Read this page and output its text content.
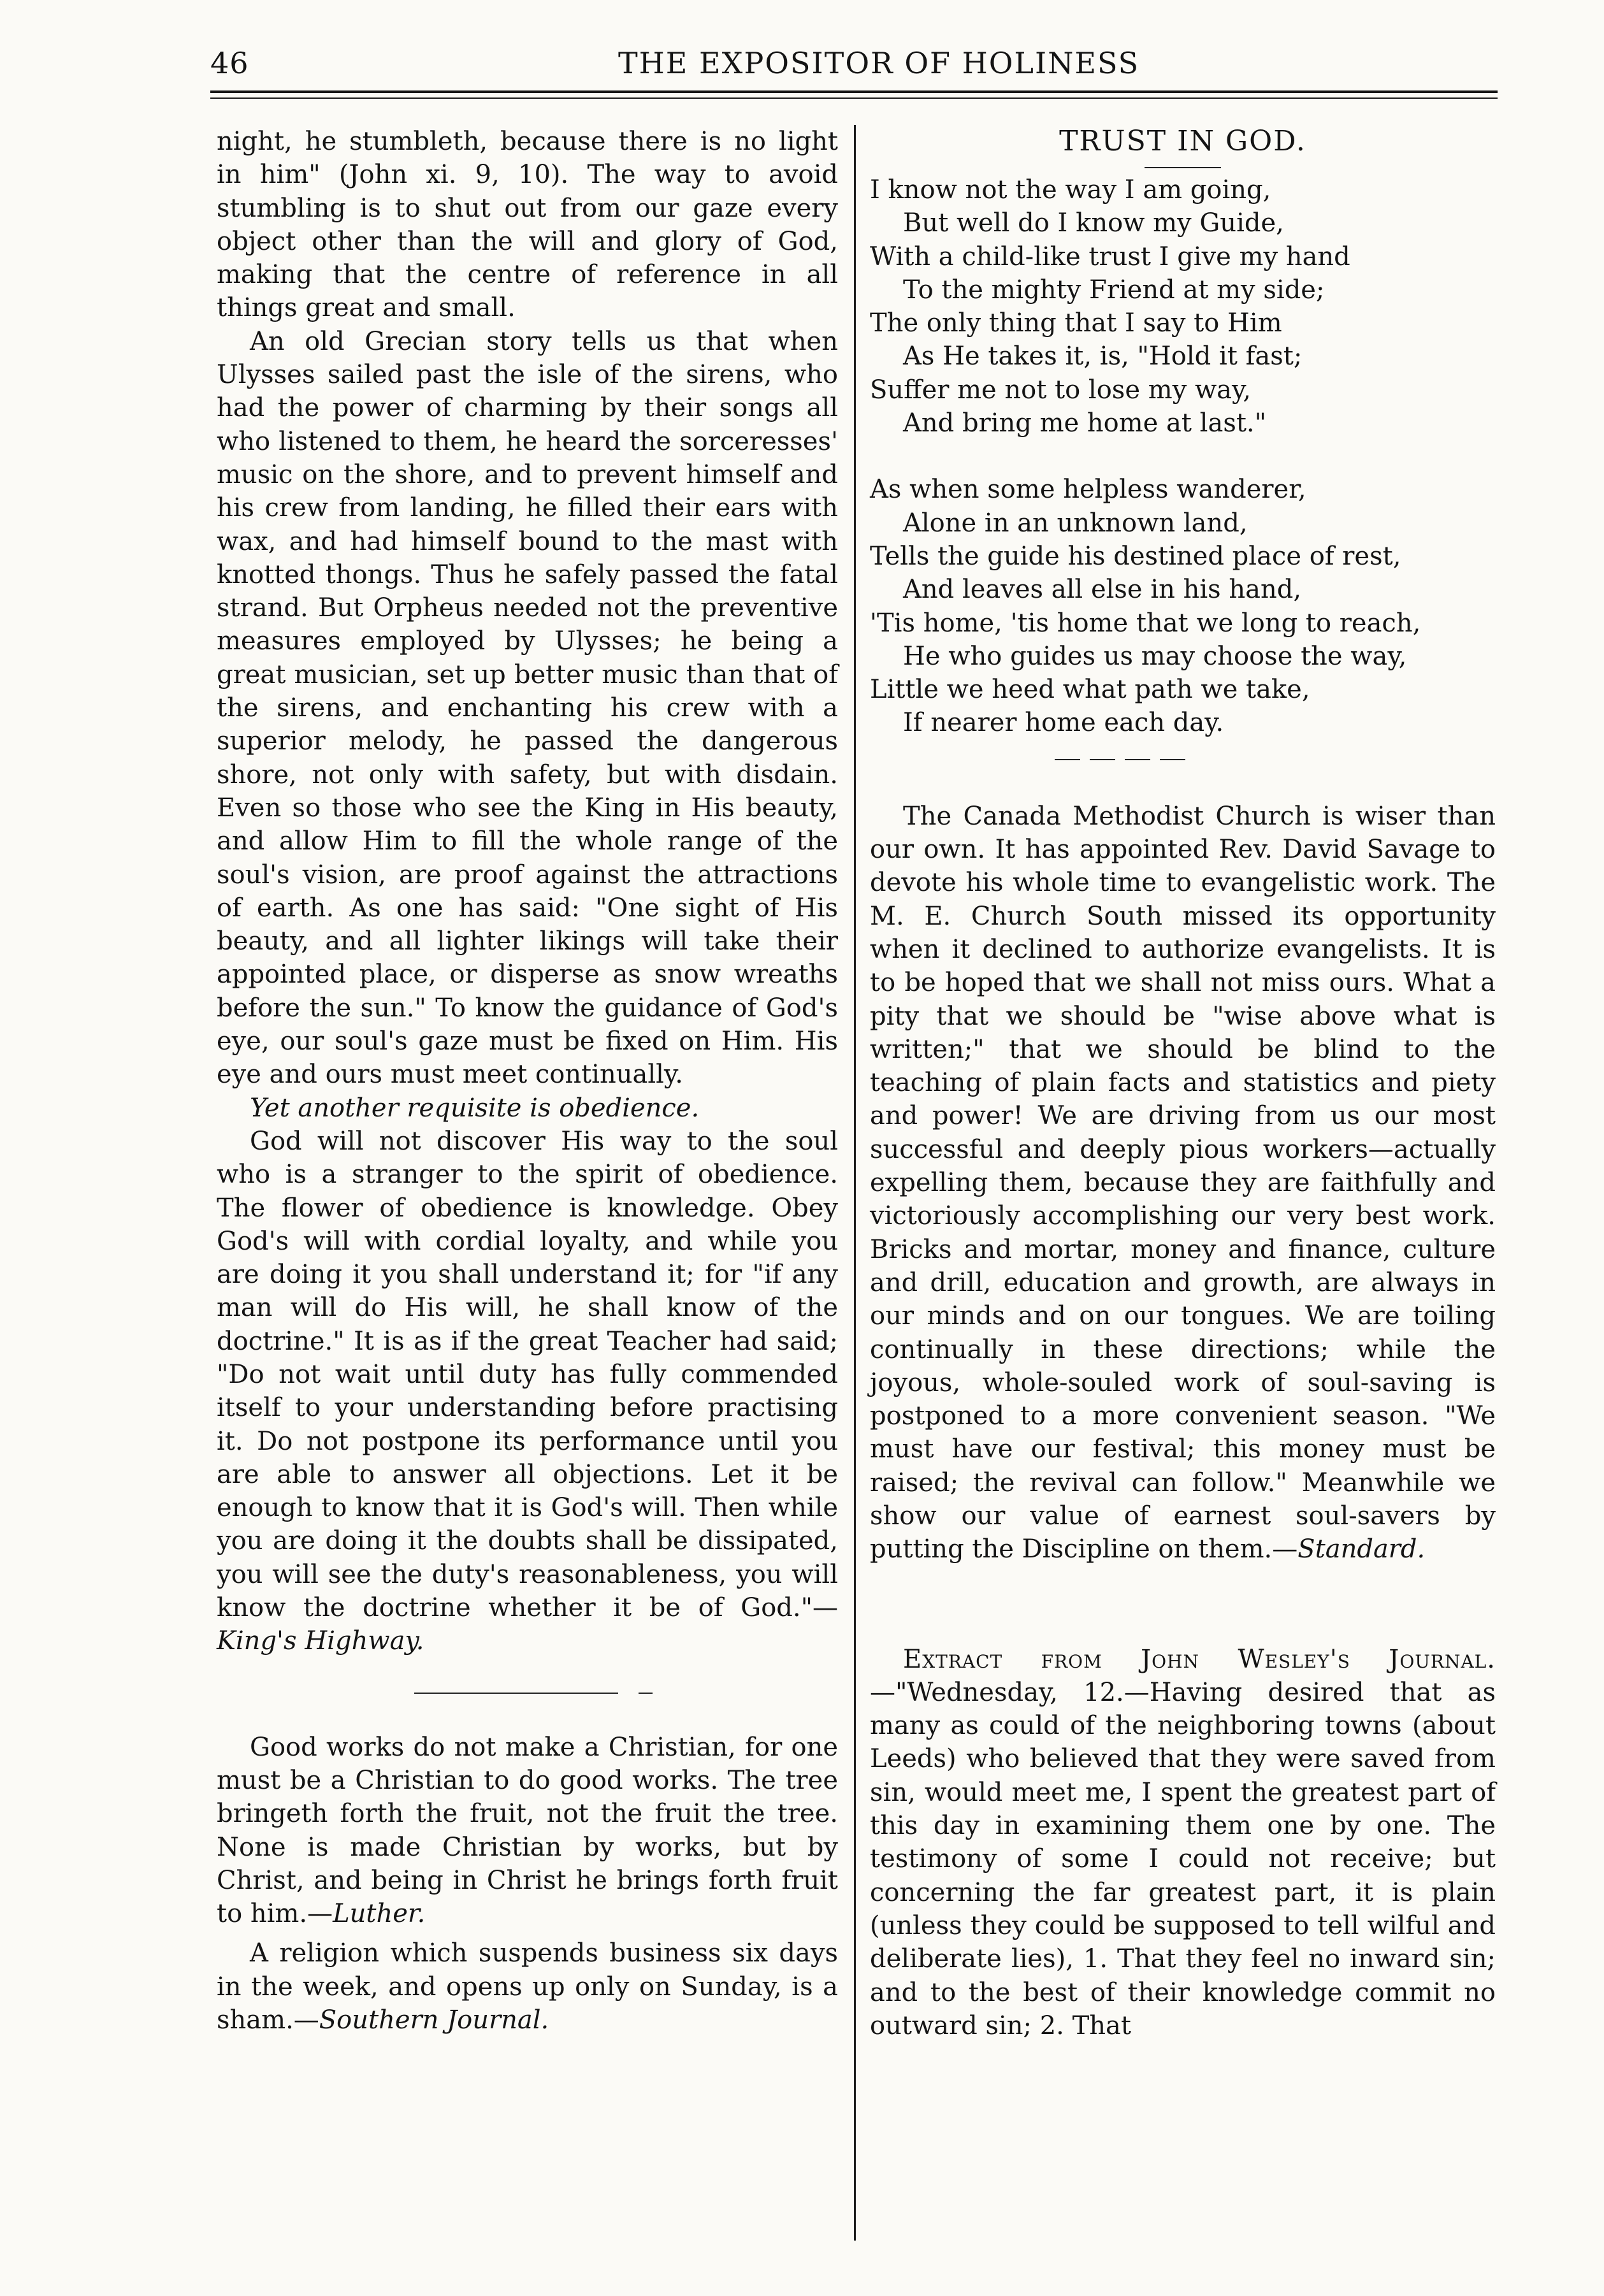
46	THE EXPOSITOR OF HOLINESS

night, he stumbleth, because there is no light in him" (John xi. 9, 10). The way to avoid stumbling is to shut out from our gaze every object other than the will and glory of God, making that the centre of reference in all things great and small.

An old Grecian story tells us that when Ulysses sailed past the isle of the sirens, who had the power of charming by their songs all who listened to them, he heard the sorceresses' music on the shore, and to prevent himself and his crew from landing, he filled their ears with wax, and had himself bound to the mast with knotted thongs. Thus he safely passed the fatal strand. But Orpheus needed not the preventive measures employed by Ulysses; he being a great musician, set up better music than that of the sirens, and enchanting his crew with a superior melody, he passed the dangerous shore, not only with safety, but with disdain. Even so those who see the King in His beauty, and allow Him to fill the whole range of the soul's vision, are proof against the attractions of earth. As one has said: "One sight of His beauty, and all lighter likings will take their appointed place, or disperse as snow wreaths before the sun." To know the guidance of God's eye, our soul's gaze must be fixed on Him. His eye and ours must meet continually.

Yet another requisite is obedience.

God will not discover His way to the soul who is a stranger to the spirit of obedience. The flower of obedience is knowledge. Obey God's will with cordial loyalty, and while you are doing it you shall understand it; for "if any man will do His will, he shall know of the doctrine." It is as if the great Teacher had said; "Do not wait until duty has fully commended itself to your understanding before practising it. Do not postpone its performance until you are able to answer all objections. Let it be enough to know that it is God's will. Then while you are doing it the doubts shall be dissipated, you will see the duty's reasonableness, you will know the doctrine whether it be of God."—King's Highway.

Good works do not make a Christian, for one must be a Christian to do good works. The tree bringeth forth the fruit, not the fruit the tree. None is made Christian by works, but by Christ, and being in Christ he brings forth fruit to him.—Luther.

A religion which suspends business six days in the week, and opens up only on Sunday, is a sham.—Southern Journal.

TRUST IN GOD.

I know not the way I am going,
But well do I know my Guide,
With a child-like trust I give my hand
To the mighty Friend at my side;
The only thing that I say to Him
As He takes it, is, "Hold it fast;
Suffer me not to lose my way,
And bring me home at last."
As when some helpless wanderer,
Alone in an unknown land,
Tells the guide his destined place of rest,
And leaves all else in his hand,
'Tis home, 'tis home that we long to reach,
He who guides us may choose the way,
Little we heed what path we take,
If nearer home each day.

The Canada Methodist Church is wiser than our own. It has appointed Rev. David Savage to devote his whole time to evangelistic work. The M. E. Church South missed its opportunity when it declined to authorize evangelists. It is to be hoped that we shall not miss ours. What a pity that we should be "wise above what is written;" that we should be blind to the teaching of plain facts and statistics and piety and power! We are driving from us our most successful and deeply pious workers—actually expelling them, because they are faithfully and victoriously accomplishing our very best work. Bricks and mortar, money and finance, culture and drill, education and growth, are always in our minds and on our tongues. We are toiling continually in these directions; while the joyous, whole-souled work of soul-saving is postponed to a more convenient season. "We must have our festival; this money must be raised; the revival can follow." Meanwhile we show our value of earnest soul-savers by putting the Discipline on them.—Standard.

Extract from John Wesley's Journal.—"Wednesday, 12.—Having desired that as many as could of the neighboring towns (about Leeds) who believed that they were saved from sin, would meet me, I spent the greatest part of this day in examining them one by one. The testimony of some I could not receive; but concerning the far greatest part, it is plain (unless they could be supposed to tell wilful and deliberate lies), 1. That they feel no inward sin; and to the best of their knowledge commit no outward sin; 2. That
